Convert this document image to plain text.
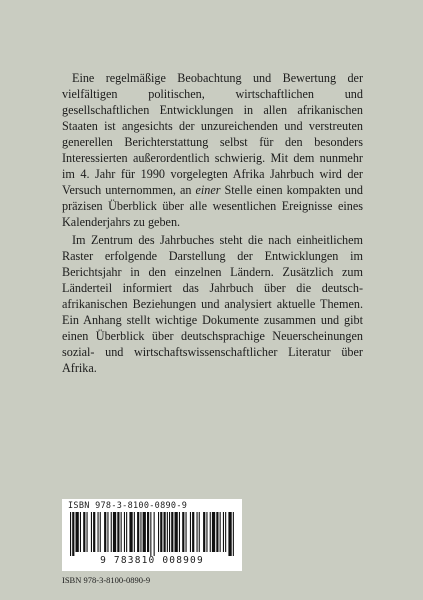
Eine regelmäßige Beobachtung und Bewertung der vielfältigen politischen, wirtschaftlichen und gesellschaftlichen Entwicklungen in allen afrikanischen Staaten ist angesichts der unzureichenden und verstreuten generellen Berichterstattung selbst für den besonders Interessierten außerordentlich schwierig. Mit dem nunmehr im 4. Jahr für 1990 vorgelegten Afrika Jahrbuch wird der Versuch unternommen, an einer Stelle einen kompakten und präzisen Überblick über alle wesentlichen Ereignisse eines Kalenderjahrs zu geben.

Im Zentrum des Jahrbuches steht die nach einheitlichem Raster erfolgende Darstellung der Entwicklungen im Berichtsjahr in den einzelnen Ländern. Zusätzlich zum Länderteil informiert das Jahrbuch über die deutsch-afrikanischen Beziehungen und analysiert aktuelle Themen. Ein Anhang stellt wichtige Dokumente zusammen und gibt einen Überblick über deutschsprachige Neuerscheinungen sozial- und wirtschaftswissenschaftlicher Literatur über Afrika.

ISBN 978-3-8100-0890-9
9 783810 008909
ISBN 978-3-8100-0890-9
